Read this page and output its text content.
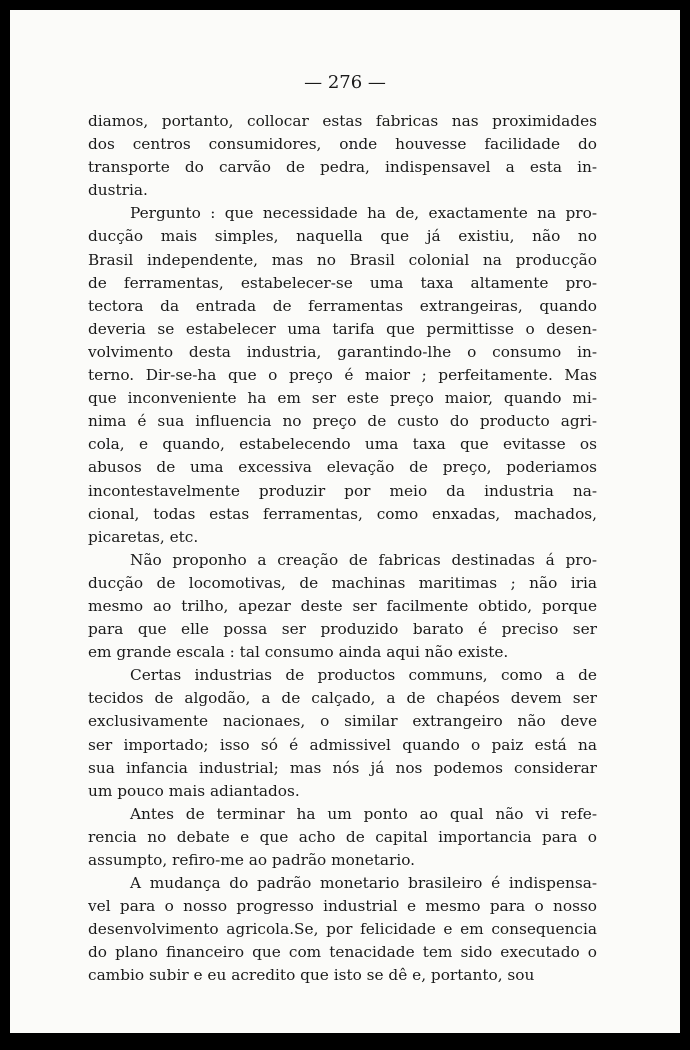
— 276 —
diamos, portanto, collocar estas fabricas nas proximidades
dos centros consumidores, onde houvesse facilidade do
transporte do carvão de pedra, indispensavel a esta in-
dustria.
Pergunto : que necessidade ha de, exactamente na pro-
ducção mais simples, naquella que já existiu, não no
Brasil independente, mas no Brasil colonial na producção
de ferramentas, estabelecer-se uma taxa altamente pro-
tectora da entrada de ferramentas extrangeiras, quando
deveria se estabelecer uma tarifa que permittisse o desen-
volvimento desta industria, garantindo-lhe o consumo in-
terno. Dir-se-ha que o preço é maior ; perfeitamente. Mas
que inconveniente ha em ser este preço maior, quando mi-
nima é sua influencia no preço de custo do producto agri-
cola, e quando, estabelecendo uma taxa que evitasse os
abusos de uma excessiva elevação de preço, poderiamos
incontestavelmente produzir por meio da industria na-
cional, todas estas ferramentas, como enxadas, machados,
picaretas, etc.
Não proponho a creação de fabricas destinadas á pro-
ducção de locomotivas, de machinas maritimas ; não iria
mesmo ao trilho, apezar deste ser facilmente obtido, porque
para que elle possa ser produzido barato é preciso ser
em grande escala : tal consumo ainda aqui não existe.
Certas industrias de productos communs, como a de
tecidos de algodão, a de calçado, a de chapéos devem ser
exclusivamente nacionaes, o similar extrangeiro não deve
ser importado; isso só é admissivel quando o paiz está na
sua infancia industrial; mas nós já nos podemos considerar
um pouco mais adiantados.
Antes de terminar ha um ponto ao qual não vi refe-
rencia no debate e que acho de capital importancia para o
assumpto, refiro-me ao padrão monetario.
A mudança do padrão monetario brasileiro é indispensa-
vel para o nosso progresso industrial e mesmo para o nosso
desenvolvimento agricola.Se, por felicidade e em consequencia
do plano financeiro que com tenacidade tem sido executado o
cambio subir e eu acredito que isto se dê e, portanto, sou
